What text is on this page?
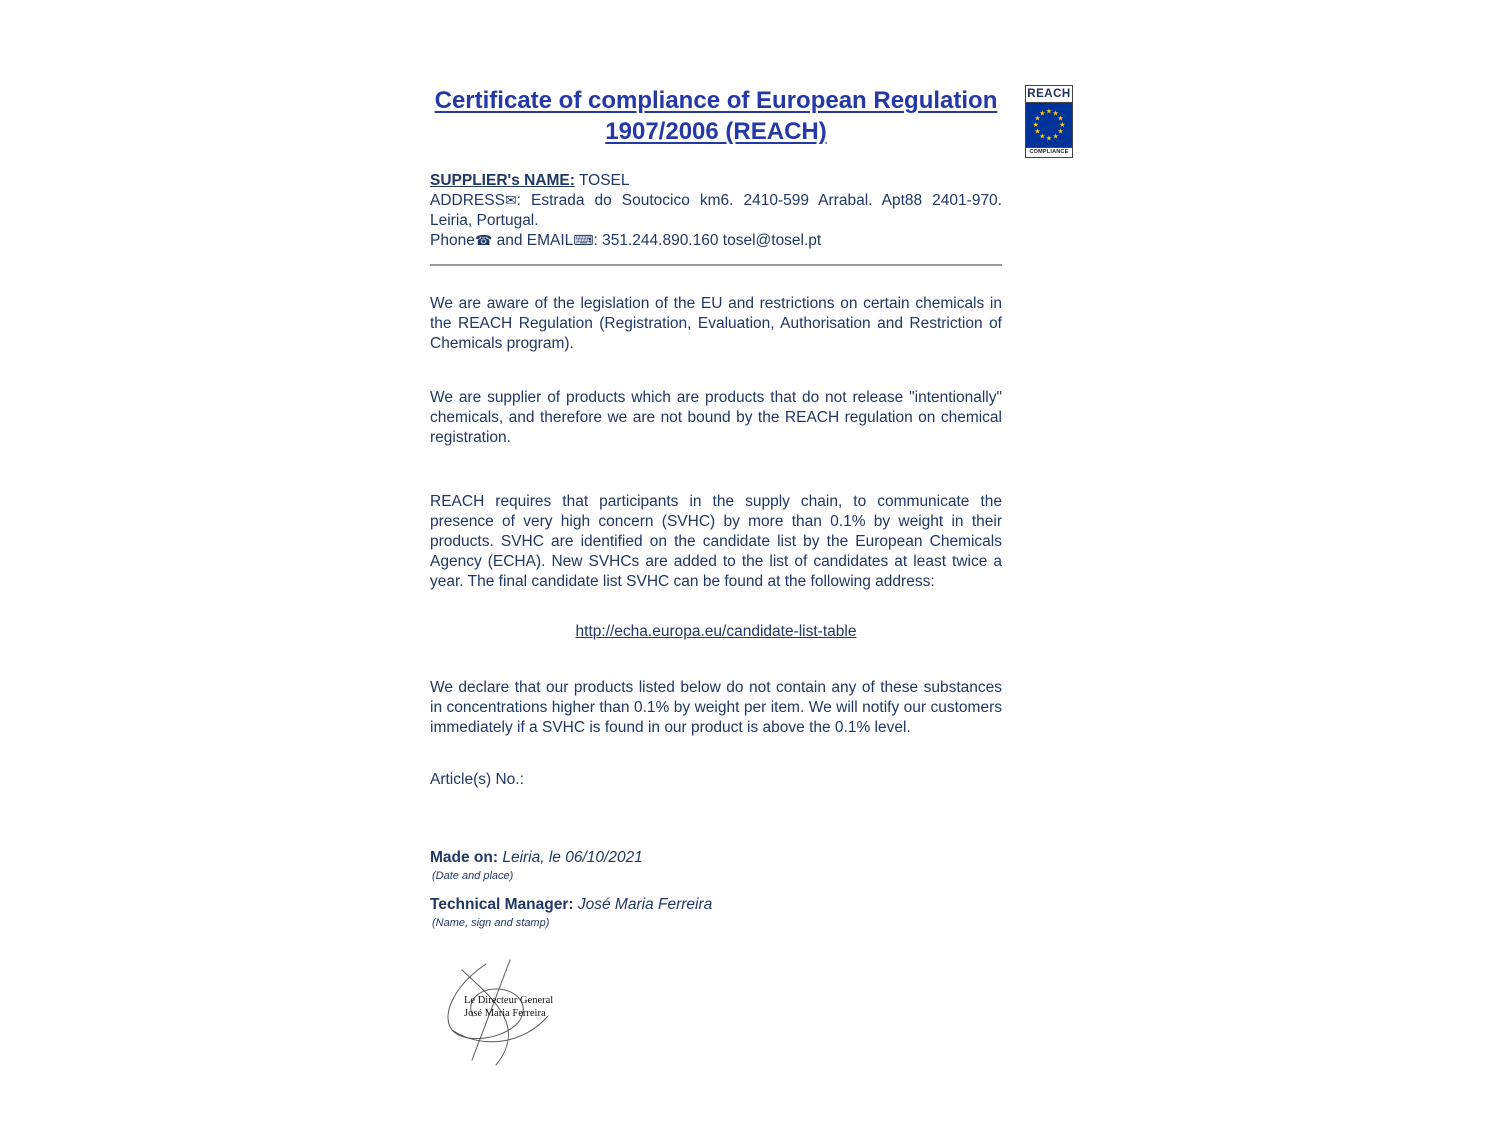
REACH
★ ★
★
★
★
★
★
★
★
★
★
★
COMPLIANCE
Certificate of compliance of European Regulation
1907/2006 (REACH)

SUPPLIER's NAME: TOSEL

ADDRESS✉: Estrada do Soutocico km6. 2410-599 Arrabal. Apt88 2401-970. Leiria, Portugal.

Phone☎ and EMAIL⌨: 351.244.890.160 tosel@tosel.pt

We are aware of the legislation of the EU and restrictions on certain chemicals in the REACH Regulation (Registration, Evaluation, Authorisation and Restriction of Chemicals program).

We are supplier of products which are products that do not release "intentionally" chemicals, and therefore we are not bound by the REACH regulation on chemical registration.

REACH requires that participants in the supply chain, to communicate the presence of very high concern (SVHC) by more than 0.1% by weight in their products. SVHC are identified on the candidate list by the European Chemicals Agency (ECHA). New SVHCs are added to the list of candidates at least twice a year. The final candidate list SVHC can be found at the following address:

http://echa.europa.eu/candidate-list-table

We declare that our products listed below do not contain any of these substances in concentrations higher than 0.1% by weight per item. We will notify our customers immediately if a SVHC is found in our product is above the 0.1% level.

Article(s) No.:

Made on: Leiria, le 06/10/2021

(Date and place)

Technical Manager: José Maria Ferreira

(Name, sign and stamp)

Le Directeur General
José Maria Ferreira
